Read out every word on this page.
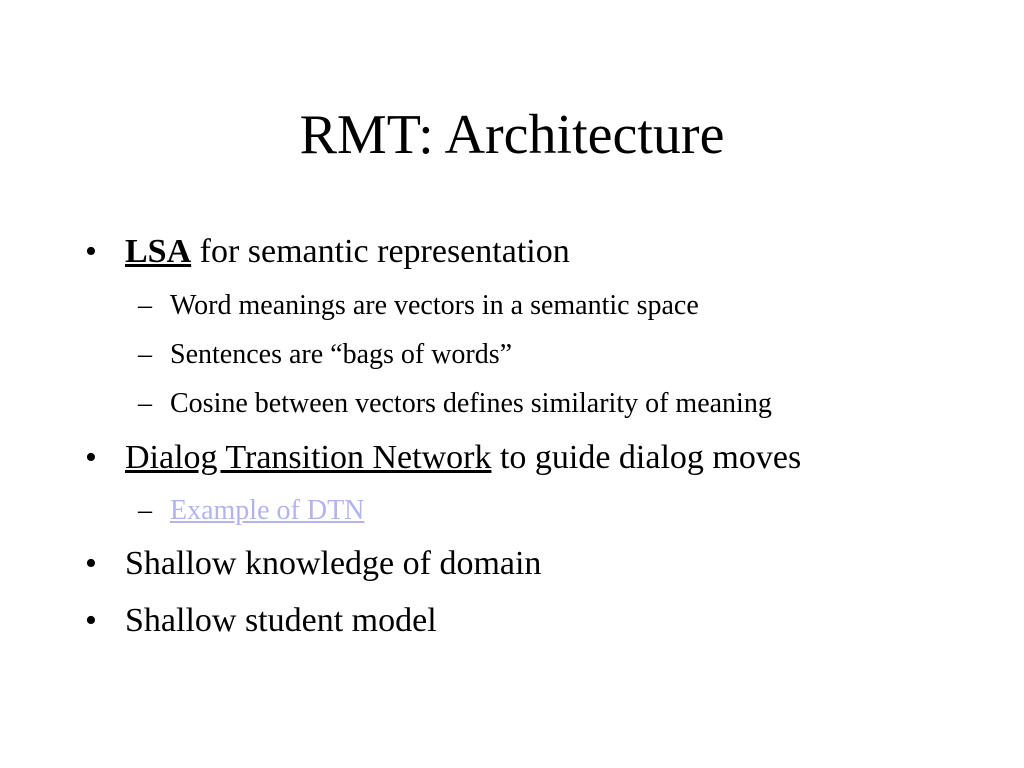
RMT: Architecture
• LSA for semantic representation
– Word meanings are vectors in a semantic space
– Sentences are “bags of words”
– Cosine between vectors defines similarity of meaning
• Dialog Transition Network to guide dialog moves
– Example of DTN
• Shallow knowledge of domain
• Shallow student model
